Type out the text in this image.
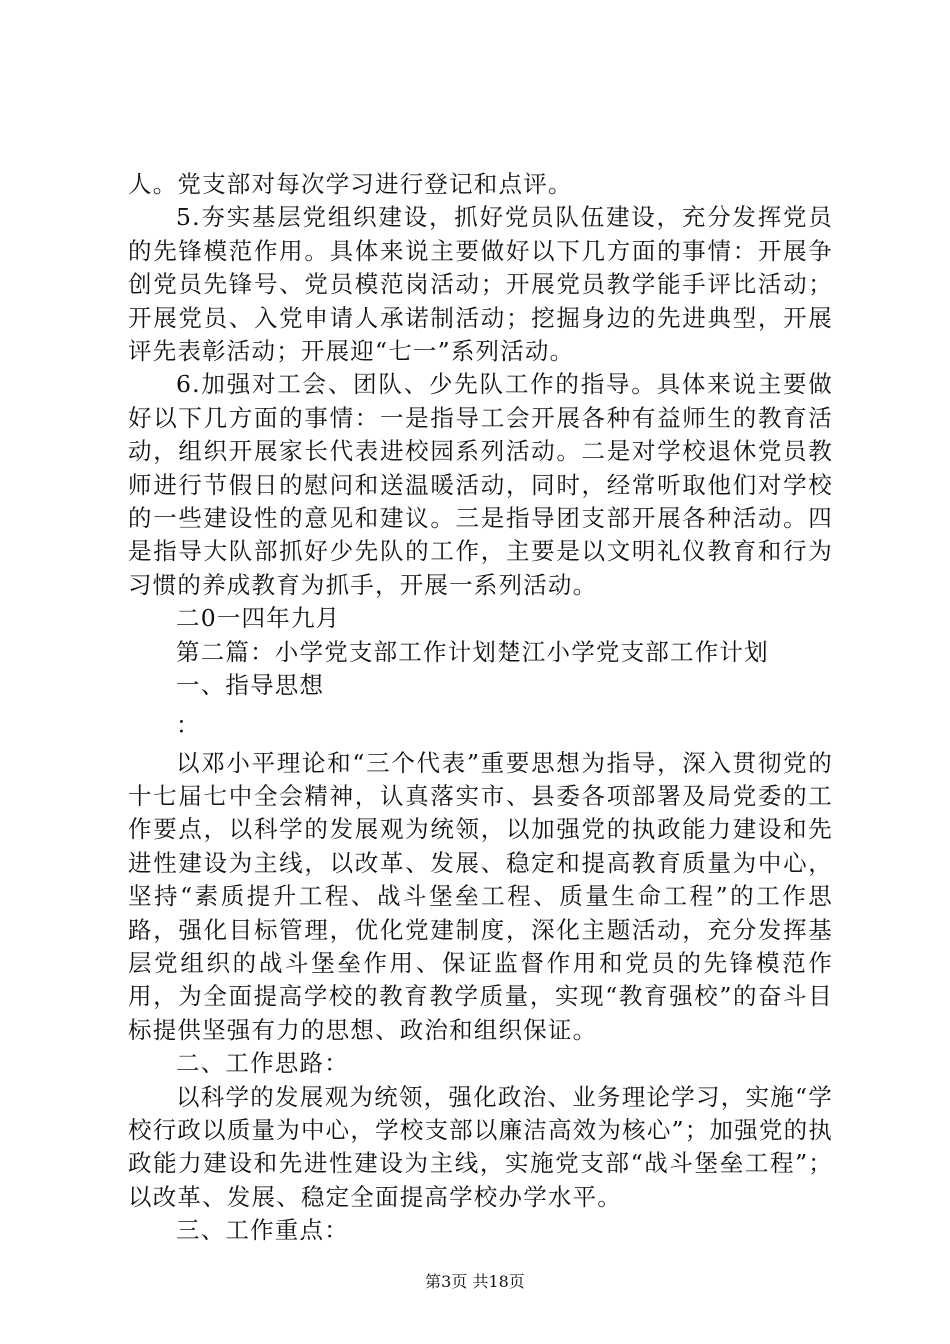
人。党支部对每次学习进行登记和点评。

5.夯实基层党组织建设，抓好党员队伍建设，充分发挥党员的先锋模范作用。具体来说主要做好以下几方面的事情：开展争创党员先锋号、党员模范岗活动；开展党员教学能手评比活动；开展党员、入党申请人承诺制活动；挖掘身边的先进典型，开展评先表彰活动；开展迎“七一”系列活动。

6.加强对工会、团队、少先队工作的指导。具体来说主要做好以下几方面的事情：一是指导工会开展各种有益师生的教育活动，组织开展家长代表进校园系列活动。二是对学校退休党员教师进行节假日的慰问和送温暖活动，同时，经常听取他们对学校的一些建设性的意见和建议。三是指导团支部开展各种活动。四是指导大队部抓好少先队的工作，主要是以文明礼仪教育和行为习惯的养成教育为抓手，开展一系列活动。

二0一四年九月

第二篇：小学党支部工作计划楚江小学党支部工作计划

一、指导思想

：

以邓小平理论和“三个代表”重要思想为指导，深入贯彻党的十七届七中全会精神，认真落实市、县委各项部署及局党委的工作要点，以科学的发展观为统领，以加强党的执政能力建设和先进性建设为主线，以改革、发展、稳定和提高教育质量为中心，坚持“素质提升工程、战斗堡垒工程、质量生命工程”的工作思路，强化目标管理，优化党建制度，深化主题活动，充分发挥基层党组织的战斗堡垒作用、保证监督作用和党员的先锋模范作用，为全面提高学校的教育教学质量，实现“教育强校”的奋斗目标提供坚强有力的思想、政治和组织保证。

二、工作思路：

以科学的发展观为统领，强化政治、业务理论学习，实施“学校行政以质量为中心，学校支部以廉洁高效为核心”；加强党的执政能力建设和先进性建设为主线，实施党支部“战斗堡垒工程”；以改革、发展、稳定全面提高学校办学水平。

三、工作重点：

第3页 共18页
